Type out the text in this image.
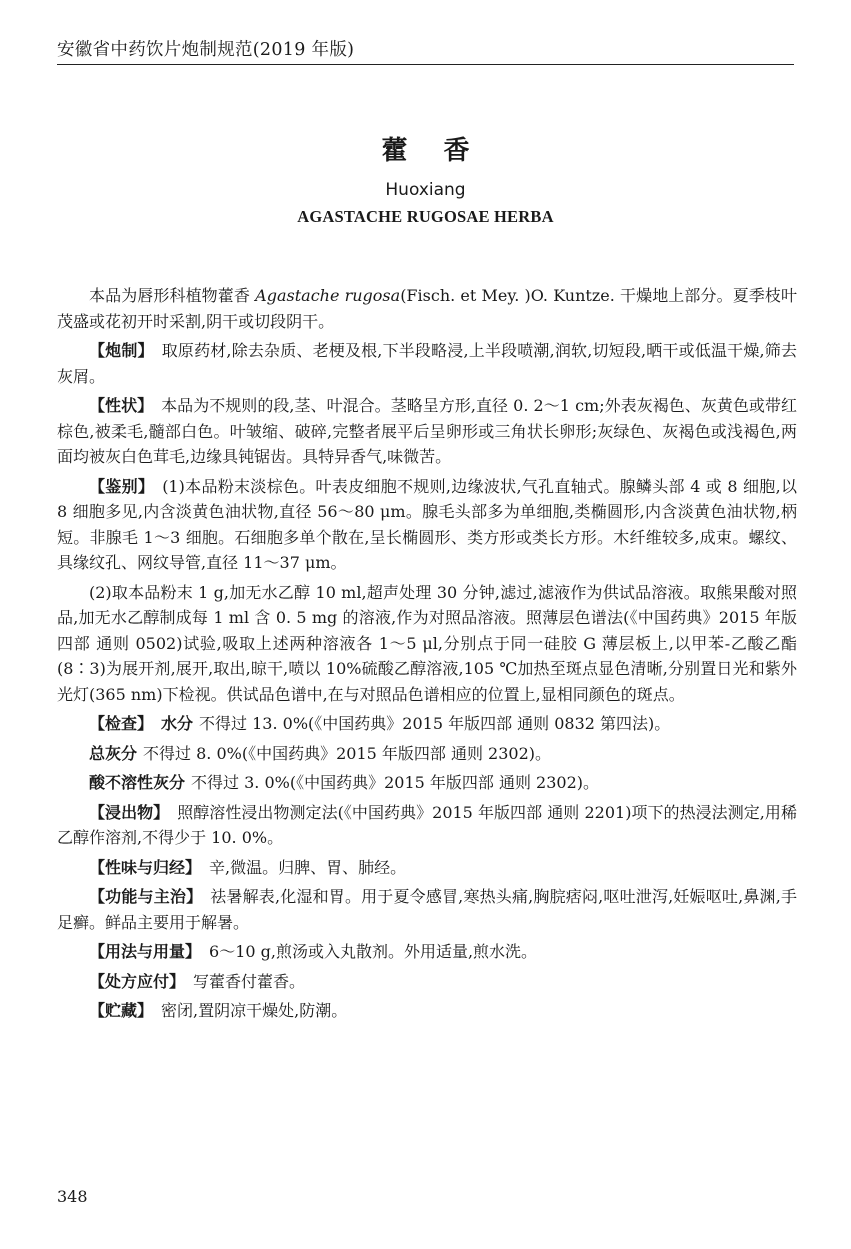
安徽省中药饮片炮制规范(2019 年版)
藿香
Huoxiang
AGASTACHE RUGOSAE HERBA

本品为唇形科植物藿香 Agastache rugosa(Fisch. et Mey. )O. Kuntze. 干燥地上部分。夏季枝叶茂盛或花初开时采割,阴干或切段阴干。

【炮制】 取原药材,除去杂质、老梗及根,下半段略浸,上半段喷潮,润软,切短段,晒干或低温干燥,筛去灰屑。

【性状】 本品为不规则的段,茎、叶混合。茎略呈方形,直径 0. 2～1 cm;外表灰褐色、灰黄色或带红棕色,被柔毛,髓部白色。叶皱缩、破碎,完整者展平后呈卵形或三角状长卵形;灰绿色、灰褐色或浅褐色,两面均被灰白色茸毛,边缘具钝锯齿。具特异香气,味微苦。

【鉴别】 (1)本品粉末淡棕色。叶表皮细胞不规则,边缘波状,气孔直轴式。腺鳞头部 4 或 8 细胞,以 8 细胞多见,内含淡黄色油状物,直径 56～80 μm。腺毛头部多为单细胞,类椭圆形,内含淡黄色油状物,柄短。非腺毛 1～3 细胞。石细胞多单个散在,呈长椭圆形、类方形或类长方形。木纤维较多,成束。螺纹、具缘纹孔、网纹导管,直径 11～37 μm。

(2)取本品粉末 1 g,加无水乙醇 10 ml,超声处理 30 分钟,滤过,滤液作为供试品溶液。取熊果酸对照品,加无水乙醇制成每 1 ml 含 0. 5 mg 的溶液,作为对照品溶液。照薄层色谱法(《中国药典》2015 年版四部 通则 0502)试验,吸取上述两种溶液各 1～5 μl,分别点于同一硅胶 G 薄层板上,以甲苯-乙酸乙酯(8∶3)为展开剂,展开,取出,晾干,喷以 10%硫酸乙醇溶液,105 ℃加热至斑点显色清晰,分别置日光和紫外光灯(365 nm)下检视。供试品色谱中,在与对照品色谱相应的位置上,显相同颜色的斑点。

【检查】 水分 不得过 13. 0%(《中国药典》2015 年版四部 通则 0832 第四法)。

总灰分 不得过 8. 0%(《中国药典》2015 年版四部 通则 2302)。

酸不溶性灰分 不得过 3. 0%(《中国药典》2015 年版四部 通则 2302)。

【浸出物】 照醇溶性浸出物测定法(《中国药典》2015 年版四部 通则 2201)项下的热浸法测定,用稀乙醇作溶剂,不得少于 10. 0%。

【性味与归经】 辛,微温。归脾、胃、肺经。

【功能与主治】 祛暑解表,化湿和胃。用于夏令感冒,寒热头痛,胸脘痞闷,呕吐泄泻,妊娠呕吐,鼻渊,手足癣。鲜品主要用于解暑。

【用法与用量】 6～10 g,煎汤或入丸散剂。外用适量,煎水洗。

【处方应付】 写藿香付藿香。

【贮藏】 密闭,置阴凉干燥处,防潮。

348
